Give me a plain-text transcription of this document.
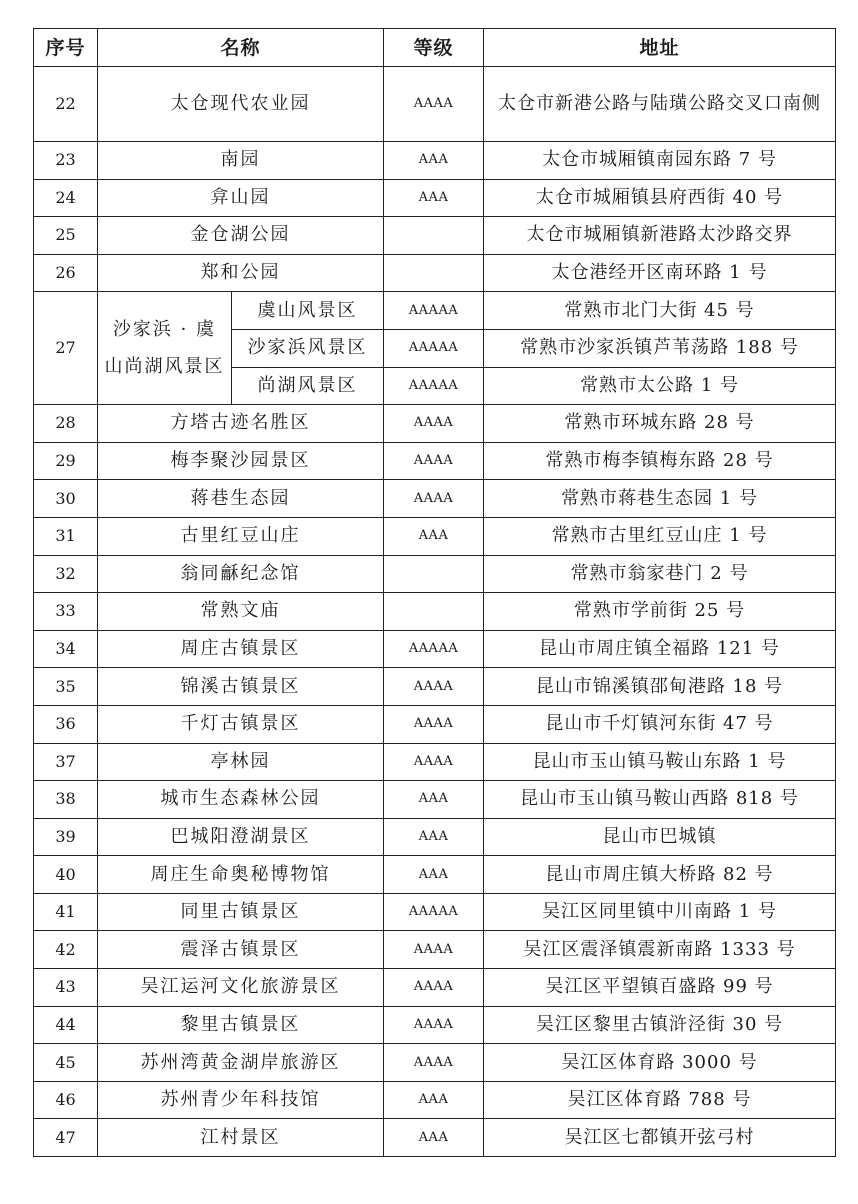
序号	名称		等级	地址
22	太仓现代农业园		AAAA	太仓市新港公路与陆璜公路交叉口南侧
23	南园		AAA	太仓市城厢镇南园东路 7 号
24	弇山园		AAA	太仓市城厢镇县府西街 40 号
25	金仓湖公园			太仓市城厢镇新港路太沙路交界
26	郑和公园			太仓港经开区南环路 1 号
27	沙家浜 · 虞山尚湖风景区	虞山风景区	AAAAA	常熟市北门大街 45 号
		沙家浜风景区	AAAAA	常熟市沙家浜镇芦苇荡路 188 号
		尚湖风景区	AAAAA	常熟市太公路 1 号
28	方塔古迹名胜区		AAAA	常熟市环城东路 28 号
29	梅李聚沙园景区		AAAA	常熟市梅李镇梅东路 28 号
30	蒋巷生态园		AAAA	常熟市蒋巷生态园 1 号
31	古里红豆山庄		AAA	常熟市古里红豆山庄 1 号
32	翁同龢纪念馆			常熟市翁家巷门 2 号
33	常熟文庙			常熟市学前街 25 号
34	周庄古镇景区		AAAAA	昆山市周庄镇全福路 121 号
35	锦溪古镇景区		AAAA	昆山市锦溪镇邵甸港路 18 号
36	千灯古镇景区		AAAA	昆山市千灯镇河东街 47 号
37	亭林园		AAAA	昆山市玉山镇马鞍山东路 1 号
38	城市生态森林公园		AAA	昆山市玉山镇马鞍山西路 818 号
39	巴城阳澄湖景区		AAA	昆山市巴城镇
40	周庄生命奥秘博物馆		AAA	昆山市周庄镇大桥路 82 号
41	同里古镇景区		AAAAA	吴江区同里镇中川南路 1 号
42	震泽古镇景区		AAAA	吴江区震泽镇震新南路 1333 号
43	吴江运河文化旅游景区		AAAA	吴江区平望镇百盛路 99 号
44	黎里古镇景区		AAAA	吴江区黎里古镇浒泾街 30 号
45	苏州湾黄金湖岸旅游区		AAAA	吴江区体育路 3000 号
46	苏州青少年科技馆		AAA	吴江区体育路 788 号
47	江村景区		AAA	吴江区七都镇开弦弓村
